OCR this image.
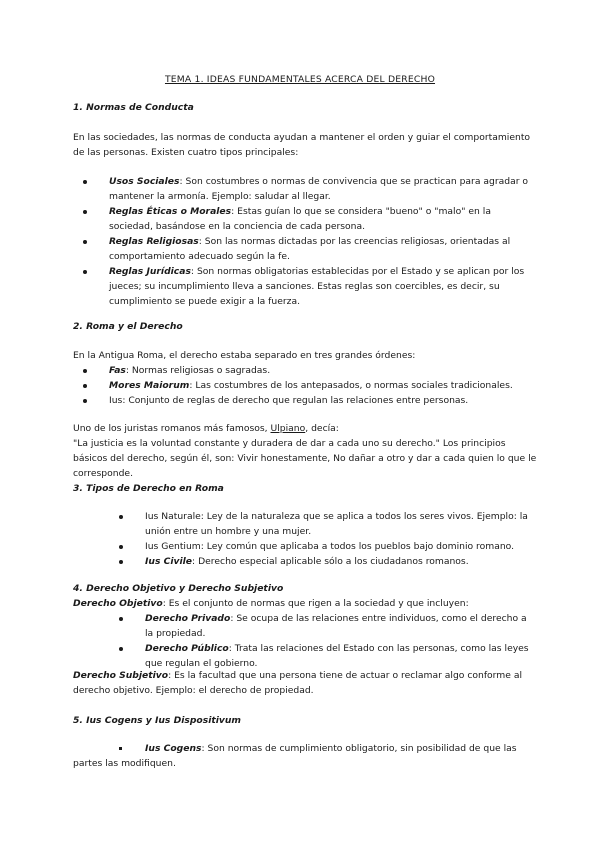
TEMA 1. IDEAS FUNDAMENTALES ACERCA DEL DERECHO
1. Normas de Conducta
En las sociedades, las normas de conducta ayudan a mantener el orden y guiar el comportamiento de las personas. Existen cuatro tipos principales:
Usos Sociales: Son costumbres o normas de convivencia que se practican para agradar o mantener la armonía. Ejemplo: saludar al llegar.
Reglas Éticas o Morales: Estas guían lo que se considera "bueno" o "malo" en la sociedad, basándose en la conciencia de cada persona.
Reglas Religiosas: Son las normas dictadas por las creencias religiosas, orientadas al comportamiento adecuado según la fe.
Reglas Jurídicas: Son normas obligatorias establecidas por el Estado y se aplican por los jueces; su incumplimiento lleva a sanciones. Estas reglas son coercibles, es decir, su cumplimiento se puede exigir a la fuerza.
2. Roma y el Derecho
En la Antigua Roma, el derecho estaba separado en tres grandes órdenes:
Fas: Normas religiosas o sagradas.
Mores Maiorum: Las costumbres de los antepasados, o normas sociales tradicionales.
Ius: Conjunto de reglas de derecho que regulan las relaciones entre personas.
Uno de los juristas romanos más famosos, Ulpiano, decía:
"La justicia es la voluntad constante y duradera de dar a cada uno su derecho." Los principios básicos del derecho, según él, son: Vivir honestamente, No dañar a otro y dar a cada quien lo que le corresponde.
3. Tipos de Derecho en Roma
Ius Naturale: Ley de la naturaleza que se aplica a todos los seres vivos. Ejemplo: la unión entre un hombre y una mujer.
Ius Gentium: Ley común que aplicaba a todos los pueblos bajo dominio romano.
Ius Civile: Derecho especial aplicable sólo a los ciudadanos romanos.
4. Derecho Objetivo y Derecho Subjetivo
Derecho Objetivo: Es el conjunto de normas que rigen a la sociedad y que incluyen:
Derecho Privado: Se ocupa de las relaciones entre individuos, como el derecho a la propiedad.
Derecho Público: Trata las relaciones del Estado con las personas, como las leyes que regulan el gobierno.
Derecho Subjetivo: Es la facultad que una persona tiene de actuar o reclamar algo conforme al derecho objetivo. Ejemplo: el derecho de propiedad.
5. Ius Cogens y Ius Dispositivum
Ius Cogens: Son normas de cumplimiento obligatorio, sin posibilidad de que las partes las modifiquen.
